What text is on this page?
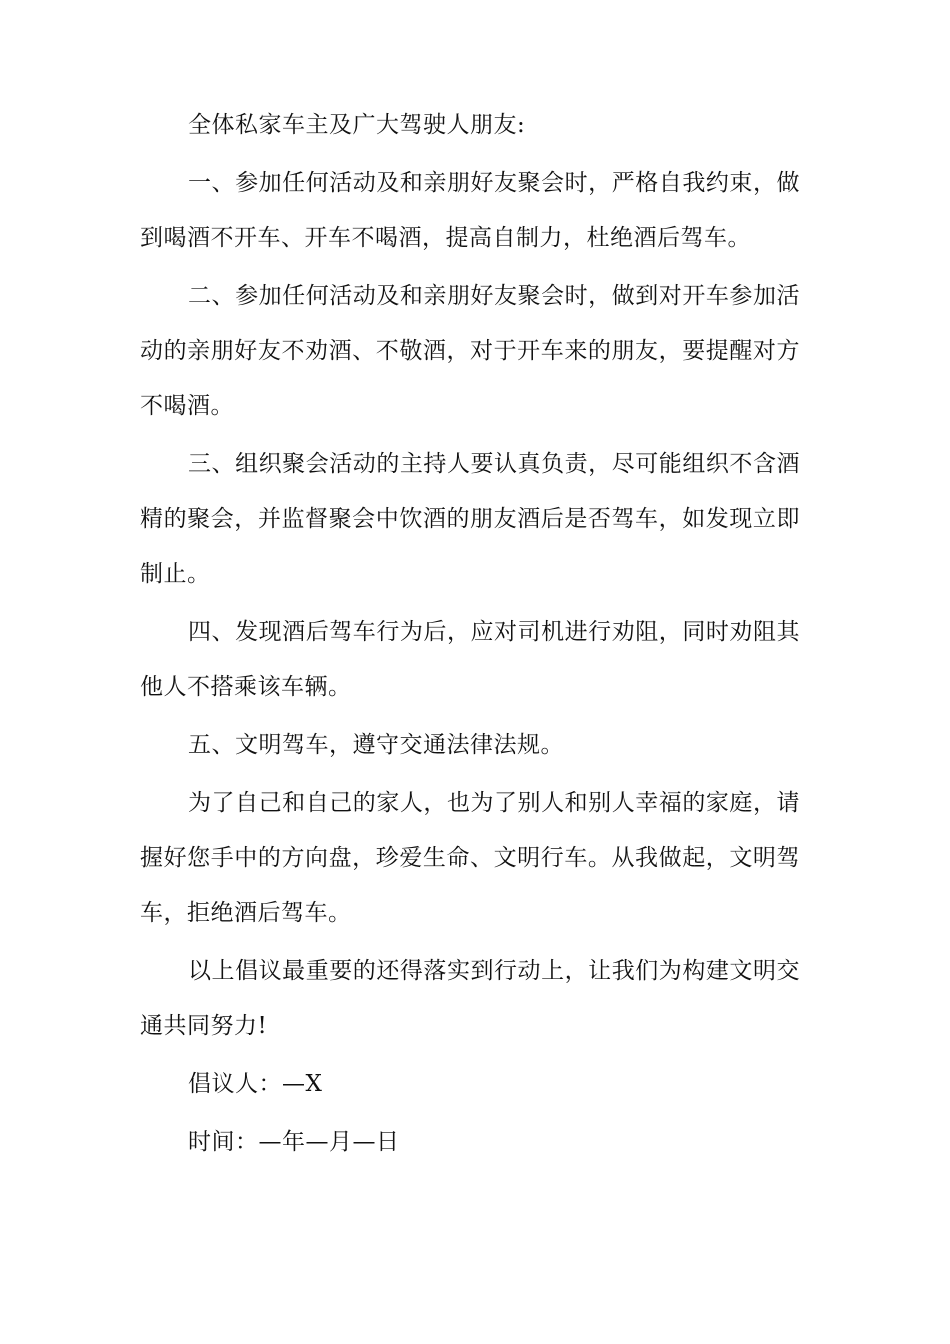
全体私家车主及广大驾驶人朋友:

一、参加任何活动及和亲朋好友聚会时，严格自我约束，做到喝酒不开车、开车不喝酒，提高自制力，杜绝酒后驾车。

二、参加任何活动及和亲朋好友聚会时，做到对开车参加活动的亲朋好友不劝酒、不敬酒，对于开车来的朋友，要提醒对方不喝酒。

三、组织聚会活动的主持人要认真负责，尽可能组织不含酒精的聚会，并监督聚会中饮酒的朋友酒后是否驾车，如发现立即制止。

四、发现酒后驾车行为后，应对司机进行劝阻，同时劝阻其他人不搭乘该车辆。

五、文明驾车，遵守交通法律法规。

为了自己和自己的家人，也为了别人和别人幸福的家庭，请握好您手中的方向盘，珍爱生命、文明行车。从我做起，文明驾车，拒绝酒后驾车。

以上倡议最重要的还得落实到行动上，让我们为构建文明交通共同努力!

倡议人：—X

时间：—年—月—日
